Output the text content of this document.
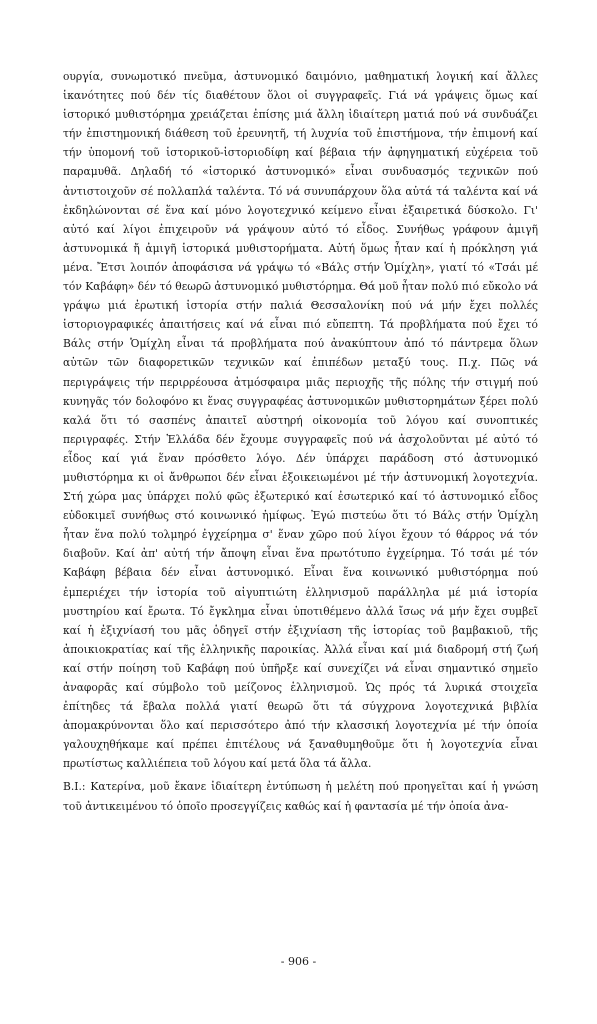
ουργία, συνωμοτικό πνεῦμα, ἀστυνομικό δαιμόνιο, μαθηματική λογική καί ἄλλες ἱκανότητες πού δέν τίς διαθέτουν ὅλοι οἱ συγγραφεῖς. Γιά νά γράψεις ὅμως καί ἱστορικό μυθιστόρημα χρειάζεται ἐπίσης μιά ἄλλη ἰδιαίτερη ματιά πού νά συνδυάζει τήν ἐπιστημονική διάθεση τοῦ ἐρευνητῆ, τή λυχνία τοῦ ἐπιστήμονα, τήν ἐπιμονή καί τήν ὑπομονή τοῦ ἱστορικοῦ-ἱστοριοδίφη καί βέβαια τήν ἀφηγηματική εὐχέρεια τοῦ παραμυθᾶ. Δηλαδή τό «ἱστορικό ἀστυνομικό» εἶναι συνδυασμός τεχνικῶν πού ἀντιστοιχοῦν σέ πολλαπλά ταλέντα. Τό νά συνυπάρχουν ὅλα αὐτά τά ταλέντα καί νά ἐκδηλώνονται σέ ἕνα καί μόνο λογοτεχνικό κείμενο εἶναι ἐξαιρετικά δύσκολο. Γι' αὐτό καί λίγοι ἐπιχειροῦν νά γράψουν αὐτό τό εἶδος. Συνήθως γράφουν ἀμιγῆ ἀστυνομικά ἤ ἀμιγῆ ἱστορικά μυθιστορήματα. Αὐτή ὅμως ἦταν καί ἡ πρόκληση γιά μένα. Ἔτσι λοιπόν ἀποφάσισα νά γράψω τό «Βάλς στήν Ὁμίχλη», γιατί τό «Τσάι μέ τόν Καβάφη» δέν τό θεωρῶ ἀστυνομικό μυθιστόρημα. Θά μοῦ ἦταν πολύ πιό εὔκολο νά γράψω μιά ἐρωτική ἱστορία στήν παλιά Θεσσαλονίκη πού νά μήν ἔχει πολλές ἱστοριογραφικές ἀπαιτήσεις καί νά εἶναι πιό εὔπεπτη. Τά προβλήματα πού ἔχει τό Βάλς στήν Ὁμίχλη εἶναι τά προβλήματα πού ἀνακύπτουν ἀπό τό πάντρεμα ὅλων αὐτῶν τῶν διαφορετικῶν τεχνικῶν καί ἐπιπέδων μεταξύ τους. Π.χ. Πῶς νά περιγράψεις τήν περιρρέουσα ἀτμόσφαιρα μιᾶς περιοχῆς τῆς πόλης τήν στιγμή πού κυνηγᾶς τόν δολοφόνο κι ἕνας συγγραφέας ἀστυνομικῶν μυθιστορημάτων ξέρει πολύ καλά ὅτι τό σασπένς ἀπαιτεῖ αὐστηρή οἰκονομία τοῦ λόγου καί συνοπτικές περιγραφές. Στήν Ἑλλάδα δέν ἔχουμε συγγραφεῖς πού νά ἀσχολοῦνται μέ αὐτό τό εἶδος καί γιά ἕναν πρόσθετο λόγο. Δέν ὑπάρχει παράδοση στό ἀστυνομικό μυθιστόρημα κι οἱ ἄνθρωποι δέν εἶναι ἐξοικειωμένοι μέ τήν ἀστυνομική λογοτεχνία. Στή χώρα μας ὑπάρχει πολύ φῶς ἐξωτερικό καί ἐσωτερικό καί τό ἀστυνομικό εἶδος εὐδοκιμεῖ συνήθως στό κοινωνικό ἡμίφως. Ἐγώ πιστεύω ὅτι τό Βάλς στήν Ὁμίχλη ἦταν ἕνα πολύ τολμηρό ἐγχείρημα σ' ἕναν χῶρο πού λίγοι ἔχουν τό θάρρος νά τόν διαβοῦν. Καί ἀπ' αὐτή τήν ἄποψη εἶναι ἕνα πρωτότυπο ἐγχείρημα. Τό τσάι μέ τόν Καβάφη βέβαια δέν εἶναι ἀστυνομικό. Εἶναι ἕνα κοινωνικό μυθιστόρημα πού ἐμπεριέχει τήν ἱστορία τοῦ αἰγυπτιώτη ἑλληνισμοῦ παράλληλα μέ μιά ἱστορία μυστηρίου καί ἔρωτα. Τό ἔγκλημα εἶναι ὑποτιθέμενο ἀλλά ἴσως νά μήν ἔχει συμβεῖ καί ἡ ἐξιχνίασή του μᾶς ὁδηγεῖ στήν ἐξιχνίαση τῆς ἱστορίας τοῦ βαμβακιοῦ, τῆς ἀποικιοκρατίας καί τῆς ἑλληνικῆς παροικίας. Ἀλλά εἶναι καί μιά διαδρομή στή ζωή καί στήν ποίηση τοῦ Καβάφη πού ὑπῆρξε καί συνεχίζει νά εἶναι σημαντικό σημεῖο ἀναφορᾶς καί σύμβολο τοῦ μείζονος ἑλληνισμοῦ. Ὡς πρός τά λυρικά στοιχεῖα ἐπίτηδες τά ἔβαλα πολλά γιατί θεωρῶ ὅτι τά σύγχρονα λογοτεχνικά βιβλία ἀπομακρύνονται ὅλο καί περισσότερο ἀπό τήν κλασσική λογοτεχνία μέ τήν ὁποία γαλουχηθήκαμε καί πρέπει ἐπιτέλους νά ξαναθυμηθοῦμε ὅτι ἡ λογοτεχνία εἶναι πρωτίστως καλλιέπεια τοῦ λόγου καί μετά ὅλα τά ἄλλα.

Β.Ι.: Κατερίνα, μοῦ ἔκανε ἰδιαίτερη ἐντύπωση ἡ μελέτη πού προηγεῖται καί ἡ γνώση τοῦ ἀντικειμένου τό ὁποῖο προσεγγίζεις καθώς καί ἡ φαντασία μέ τήν ὁποία ἀνα-

- 906 -
